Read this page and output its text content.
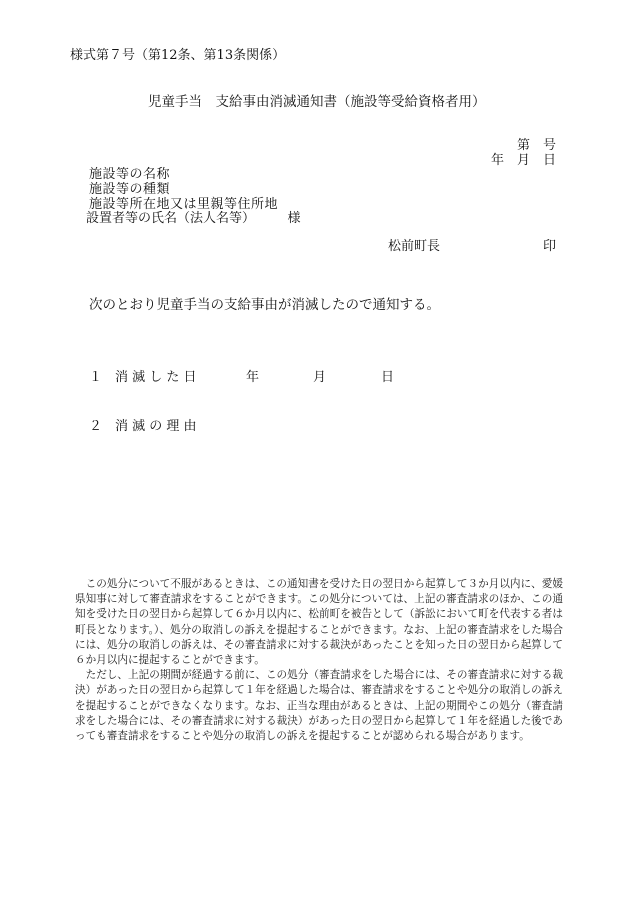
様式第７号（第12条、第13条関係）
児童手当　支給事由消滅通知書（施設等受給資格者用）
第　号
年　月　日
施設等の名称
施設等の種類
施設等所在地又は里親等住所地
設置者等の氏名（法人名等）　　　様
松前町長	印
次のとおり児童手当の支給事由が消滅したので通知する。
１　消 滅 し た 日	年	月	日
２　消 滅 の 理 由

この処分について不服があるときは、この通知書を受けた日の翌日から起算して３か月以内に、愛媛県知事に対して審査請求をすることができます。この処分については、上記の審査請求のほか、この通知を受けた日の翌日から起算して６か月以内に、松前町を被告として（訴訟において町を代表する者は町長となります。）、処分の取消しの訴えを提起することができます。なお、上記の審査請求をした場合には、処分の取消しの訴えは、その審査請求に対する裁決があったことを知った日の翌日から起算して６か月以内に提起することができます。

ただし、上記の期間が経過する前に、この処分（審査請求をした場合には、その審査請求に対する裁決）があった日の翌日から起算して１年を経過した場合は、審査請求をすることや処分の取消しの訴えを提起することができなくなります。なお、正当な理由があるときは、上記の期間やこの処分（審査請求をした場合には、その審査請求に対する裁決）があった日の翌日から起算して１年を経過した後であっても審査請求をすることや処分の取消しの訴えを提起することが認められる場合があります。
